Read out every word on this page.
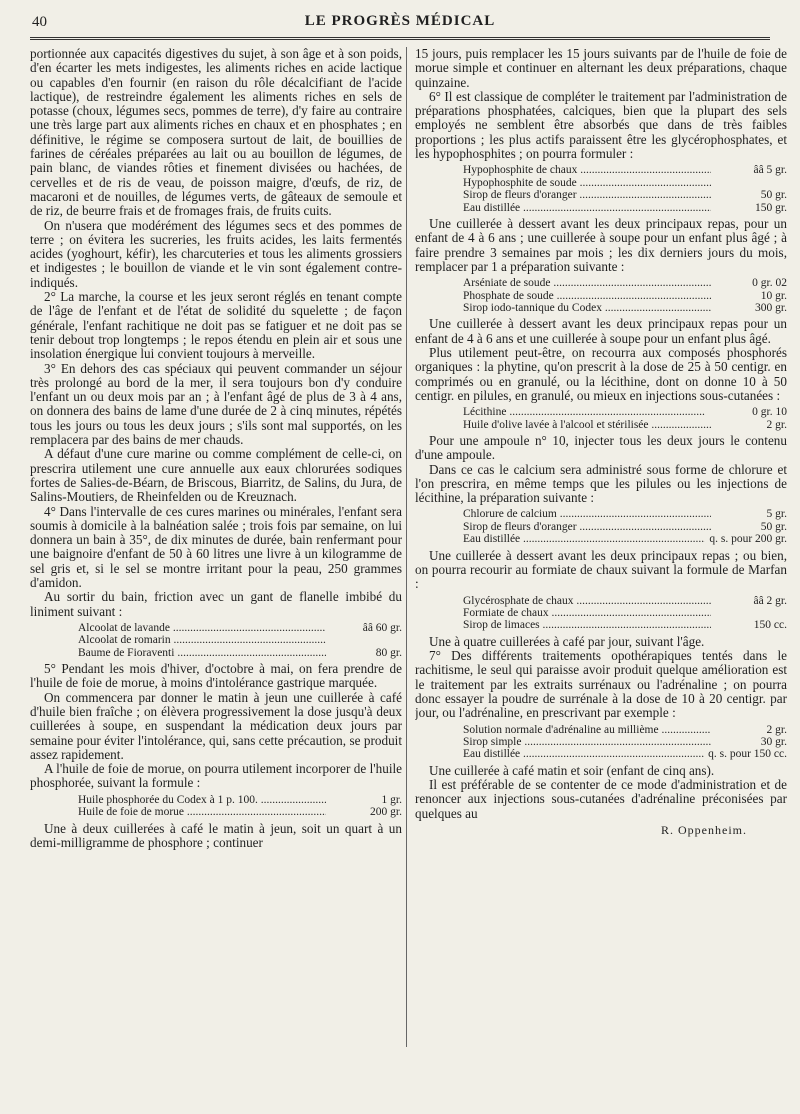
40	LE PROGRÈS MÉDICAL

portionnée aux capacités digestives du sujet, à son âge et à son poids, d'en écarter les mets indigestes, les aliments riches en acide lactique ou capables d'en fournir (en raison du rôle décalcifiant de l'acide lactique), de restreindre également les aliments riches en sels de potasse (choux, légumes secs, pommes de terre), d'y faire au contraire une très large part aux aliments riches en chaux et en phosphates ; en définitive, le régime se composera surtout de lait, de bouillies de farines de céréales préparées au lait ou au bouillon de légumes, de pain blanc, de viandes rôties et finement divisées ou hachées, de cervelles et de ris de veau, de poisson maigre, d'œufs, de riz, de macaroni et de nouilles, de légumes verts, de gâteaux de semoule et de riz, de beurre frais et de fromages frais, de fruits cuits.

On n'usera que modérément des légumes secs et des pommes de terre ; on évitera les sucreries, les fruits acides, les laits fermentés acides (yoghourt, kéfir), les charcuteries et tous les aliments grossiers et indigestes ; le bouillon de viande et le vin sont également contre-indiqués.

2° La marche, la course et les jeux seront réglés en tenant compte de l'âge de l'enfant et de l'état de solidité du squelette ; de façon générale, l'enfant rachitique ne doit pas se fatiguer et ne doit pas se tenir debout trop longtemps ; le repos étendu en plein air et sous une insolation énergique lui convient toujours à merveille.

3° En dehors des cas spéciaux qui peuvent commander un séjour très prolongé au bord de la mer, il sera toujours bon d'y conduire l'enfant un ou deux mois par an ; à l'enfant âgé de plus de 3 à 4 ans, on donnera des bains de lame d'une durée de 2 à cinq minutes, répétés tous les jours ou tous les deux jours ; s'ils sont mal supportés, on les remplacera par des bains de mer chauds.

A défaut d'une cure marine ou comme complément de celle-ci, on prescrira utilement une cure annuelle aux eaux chlorurées sodiques fortes de Salies-de-Béarn, de Briscous, Biarritz, de Salins, du Jura, de Salins-Moutiers, de Rheinfelden ou de Kreuznach.

4° Dans l'intervalle de ces cures marines ou minérales, l'enfant sera soumis à domicile à la balnéation salée ; trois fois par semaine, on lui donnera un bain à 35°, de dix minutes de durée, bain renfermant pour une baignoire d'enfant de 50 à 60 litres une livre à un kilogramme de sel gris et, si le sel se montre irritant pour la peau, 250 grammes d'amidon.

Au sortir du bain, friction avec un gant de flanelle imbibé du liniment suivant :

Alcoolat de lavande .....	ââ 60 gr.
Alcoolat de romarin .....
Baume de Fioraventi .....	80 gr.

5° Pendant les mois d'hiver, d'octobre à mai, on fera prendre de l'huile de foie de morue, à moins d'intolérance gastrique marquée.

On commencera par donner le matin à jeun une cuillerée à café d'huile bien fraîche ; on élèvera progressivement la dose jusqu'à deux cuillerées à soupe, en suspendant la médication deux jours par semaine pour éviter l'intolérance, qui, sans cette précaution, se produit assez rapidement.

A l'huile de foie de morue, on pourra utilement incorporer de l'huile phosphorée, suivant la formule :

Huile phosphorée du Codex à 1 p. 100. .....	1 gr.
Huile de foie de morue .....	200 gr.

Une à deux cuillerées à café le matin à jeun, soit un quart à un demi-milligramme de phosphore ; continuer

15 jours, puis remplacer les 15 jours suivants par de l'huile de foie de morue simple et continuer en alternant les deux préparations, chaque quinzaine.

6° Il est classique de compléter le traitement par l'administration de préparations phosphatées, calciques, bien que la plupart des sels employés ne semblent être absorbés que dans de très faibles proportions ; les plus actifs paraissent être les glycérophosphates, et les hypophosphites ; on pourra formuler :

Hypophosphite de chaux .....	ââ 5 gr.
Hypophosphite de soude .....
Sirop de fleurs d'oranger .....	50 gr.
Eau distillée .....	150 gr.

Une cuillerée à dessert avant les deux principaux repas, pour un enfant de 4 à 6 ans ; une cuillerée à soupe pour un enfant plus âgé ; à faire prendre 3 semaines par mois ; les dix derniers jours du mois, remplacer par 1 a préparation suivante :

Arséniate de soude .....	0 gr. 02
Phosphate de soude .....	10 gr.
Sirop iodo-tannique du Codex .....	300 gr.

Une cuillerée à dessert avant les deux principaux repas pour un enfant de 4 à 6 ans et une cuillerée à soupe pour un enfant plus âgé.

Plus utilement peut-être, on recourra aux composés phosphorés organiques : la phytine, qu'on prescrit à la dose de 25 à 50 centigr. en comprimés ou en granulé, ou la lécithine, dont on donne 10 à 50 centigr. en pilules, en granulé, ou mieux en injections sous-cutanées :

Lécithine .....	0 gr. 10
Huile d'olive lavée à l'alcool et stérilisée .....	2 gr.

Pour une ampoule n° 10, injecter tous les deux jours le contenu d'une ampoule.

Dans ce cas le calcium sera administré sous forme de chlorure et l'on prescrira, en même temps que les pilules ou les injections de lécithine, la préparation suivante :

Chlorure de calcium .....	5 gr.
Sirop de fleurs d'oranger .....	50 gr.
Eau distillée .....	q. s. pour 200 gr.

Une cuillerée à dessert avant les deux principaux repas ; ou bien, on pourra recourir au formiate de chaux suivant la formule de Marfan :

Glycérosphate de chaux .....	ââ 2 gr.
Formiate de chaux .....
Sirop de limaces .....	150 cc.

Une à quatre cuillerées à café par jour, suivant l'âge.

7° Des différents traitements opothérapiques tentés dans le rachitisme, le seul qui paraisse avoir produit quelque amélioration est le traitement par les extraits surrénaux ou l'adrénaline ; on pourra donc essayer la poudre de surrénale à la dose de 10 à 20 centigr. par jour, ou l'adrénaline, en prescrivant par exemple :

Solution normale d'adrénaline au millième .....	2 gr.
Sirop simple .....	30 gr.
Eau distillée .....	q. s. pour 150 cc.

Une cuillerée à café matin et soir (enfant de cinq ans).

Il est préférable de se contenter de ce mode d'administration et de renoncer aux injections sous-cutanées d'adrénaline préconisées par quelques au

R. Oppenheim.
